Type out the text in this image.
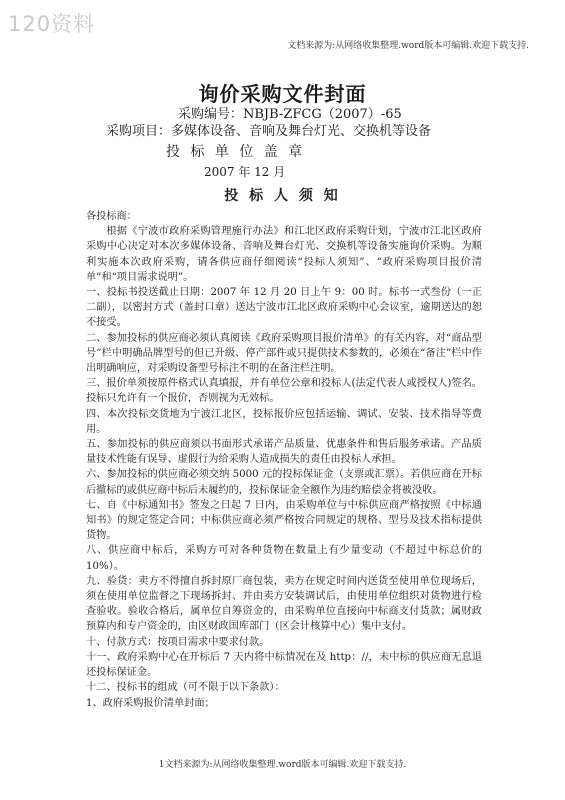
120资料
文档来源为:从网络收集整理.word版本可编辑.欢迎下载支持.
询价采购文件封面
采购编号：NBJB-ZFCG（2007）-65
采购项目：多媒体设备、音响及舞台灯光、交换机等设备
投 标 单 位 盖 章
2007 年 12 月
投 标 人 须 知

各投标商：

根据《宁波市政府采购管理施行办法》和江北区政府采购计划，宁波市江北区政府采购中心决定对本次多媒体设备、音响及舞台灯光、交换机等设备实施询价采购。为顺利实施本次政府采购，请各供应商仔细阅读“投标人须知”、“政府采购项目报价清单”和“项目需求说明”。

一、投标书投送截止日期：2007 年 12 月 20 日上午 9：00 时。标书一式叁份（一正二副），以密封方式（盖封口章）送达宁波市江北区政府采购中心会议室，逾期送达的恕不接受。

二、参加投标的供应商必须认真阅读《政府采购项目报价清单》的有关内容，对“商品型号”栏中明确品牌型号的但已升级、停产部件或只提供技术参数的，必须在“备注”栏中作出明确响应，对采购设备型号标注不明的在备注栏注明。

三、报价单须按原件格式认真填报，并有单位公章和投标人(法定代表人或授权人)签名。投标只允许有一个报价，否则视为无效标。

四、本次投标交货地为宁波江北区，投标报价应包括运输、调试、安装、技术指导等费用。

五、参加投标的供应商须以书面形式承诺产品质量、优惠条件和售后服务承诺。产品质量技术性能有误导、虚假行为给采购人造成损失的责任由投标人承担。

六、参加投标的供应商必须交纳 5000 元的投标保证金（支票或汇票）。若供应商在开标后撤标的或供应商中标后未履约的，投标保证金全额作为违约赔偿金将被没收。

七、自《中标通知书》签发之日起 7 日内，由采购单位与中标供应商严格按照《中标通知书》的规定签定合同；中标供应商必须严格按合同规定的规格、型号及技术指标提供货物。

八、供应商中标后，采购方可对各种货物在数量上有少量变动（不超过中标总价的 10%）。

九、验货：卖方不得擅自拆封原厂商包装，卖方在规定时间内送货至使用单位现场后，须在使用单位监督之下现场拆封、并由卖方安装调试后，由使用单位组织对货物进行检查验收。验收合格后，属单位自筹资金的，由采购单位直接向中标商支付货款；属财政预算内和专户资金的，由区财政国库部门（区会计核算中心）集中支付。

十、付款方式：按项目需求中要求付款。

十一、政府采购中心在开标后 7 天内将中标情况在及 http：//，未中标的供应商无息退还投标保证金。

十二、投标书的组成（可不限于以下条款）：

1、政府采购报价清单封面；

1文档来源为:从网络收集整理.word版本可编辑.欢迎下载支持.
